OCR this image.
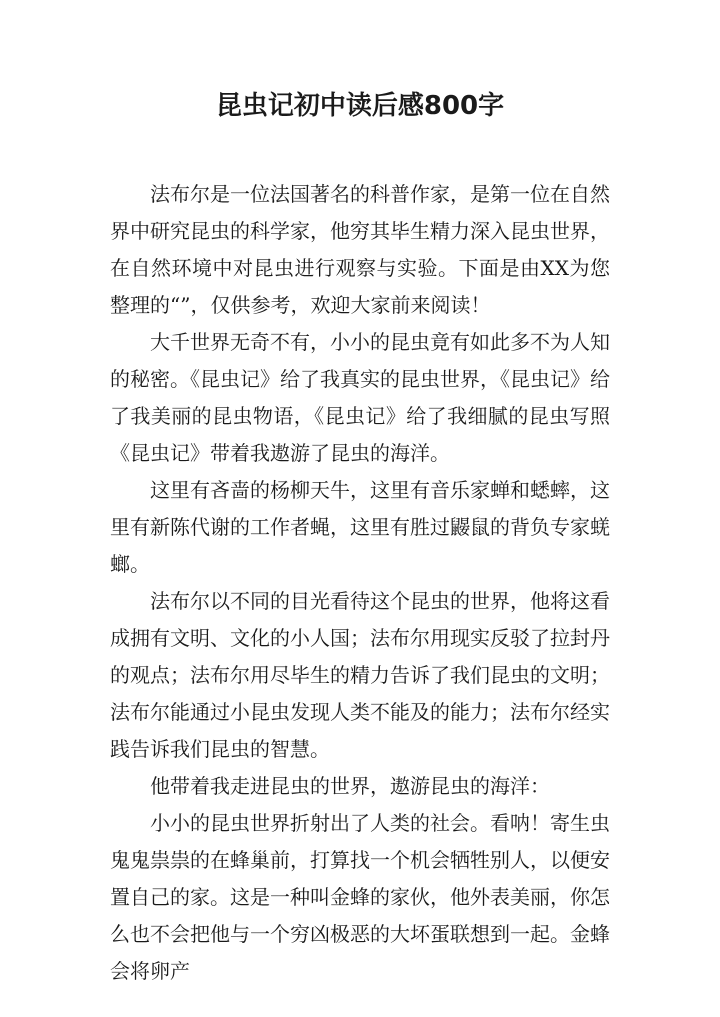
昆虫记初中读后感800字

法布尔是一位法国著名的科普作家，是第一位在自然界中研究昆虫的科学家，他穷其毕生精力深入昆虫世界，在自然环境中对昆虫进行观察与实验。下面是由XX为您整理的“”，仅供参考，欢迎大家前来阅读！

大千世界无奇不有，小小的昆虫竟有如此多不为人知的秘密。《昆虫记》给了我真实的昆虫世界，《昆虫记》给了我美丽的昆虫物语，《昆虫记》给了我细腻的昆虫写照《昆虫记》带着我遨游了昆虫的海洋。

这里有吝啬的杨柳天牛，这里有音乐家蝉和蟋蟀，这里有新陈代谢的工作者蝇，这里有胜过鼹鼠的背负专家蜣螂。

法布尔以不同的目光看待这个昆虫的世界，他将这看成拥有文明、文化的小人国；法布尔用现实反驳了拉封丹的观点；法布尔用尽毕生的精力告诉了我们昆虫的文明；法布尔能通过小昆虫发现人类不能及的能力；法布尔经实践告诉我们昆虫的智慧。

他带着我走进昆虫的世界，遨游昆虫的海洋：

小小的昆虫世界折射出了人类的社会。看呐！寄生虫鬼鬼祟祟的在蜂巢前，打算找一个机会牺牲别人，以便安置自己的家。这是一种叫金蜂的家伙，他外表美丽，你怎么也不会把他与一个穷凶极恶的大坏蛋联想到一起。金蜂会将卵产
